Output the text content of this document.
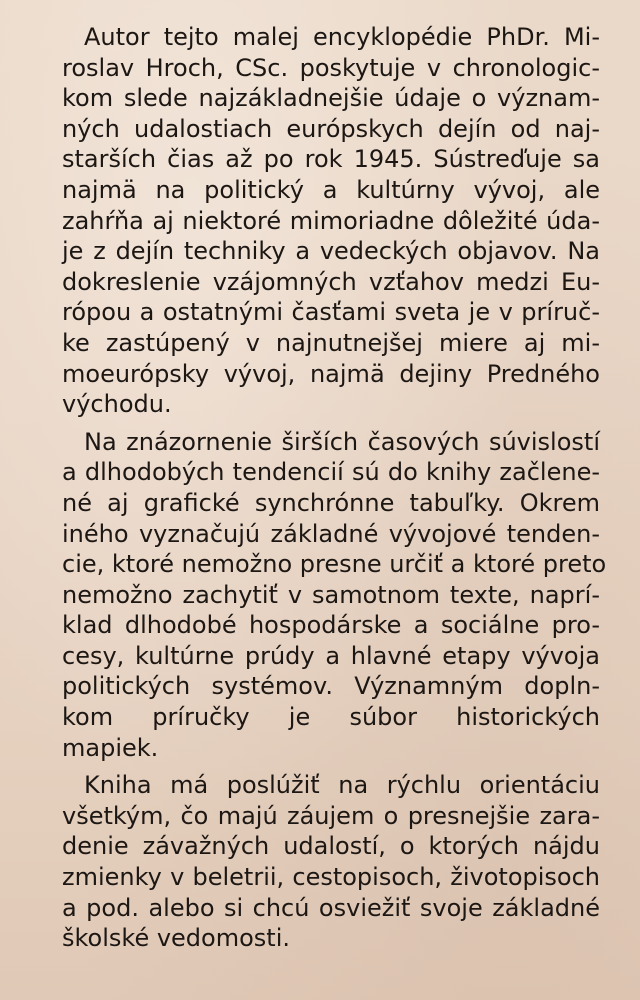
Autor tejto malej encyklopédie PhDr. Mi-
roslav Hroch, CSc. poskytuje v chronologic-
kom slede najzákladnejšie údaje o význam-
ných udalostiach európskych dejín od naj-
starších čias až po rok 1945. Sústreďuje sa
najmä na politický a kultúrny vývoj, ale
zahŕňa aj niektoré mimoriadne dôležité úda-
je z dejín techniky a vedeckých objavov. Na
dokreslenie vzájomných vzťahov medzi Eu-
rópou a ostatnými časťami sveta je v príruč-
ke zastúpený v najnutnejšej miere aj mi-
moeurópsky vývoj, najmä dejiny Predného
východu.
Na znázornenie širších časových súvislostí
a dlhodobých tendencií sú do knihy začlene-
né aj grafické synchrónne tabuľky. Okrem
iného vyznačujú základné vývojové tenden-
cie, ktoré nemožno presne určiť a ktoré preto
nemožno zachytiť v samotnom texte, naprí-
klad dlhodobé hospodárske a sociálne pro-
cesy, kultúrne prúdy a hlavné etapy vývoja
politických systémov. Významným dopln-
kom príručky je súbor historických
mapiek.
Kniha má poslúžiť na rýchlu orientáciu
všetkým, čo majú záujem o presnejšie zara-
denie závažných udalostí, o ktorých nájdu
zmienky v beletrii, cestopisoch, životopisoch
a pod. alebo si chcú osviežiť svoje základné
školské vedomosti.
